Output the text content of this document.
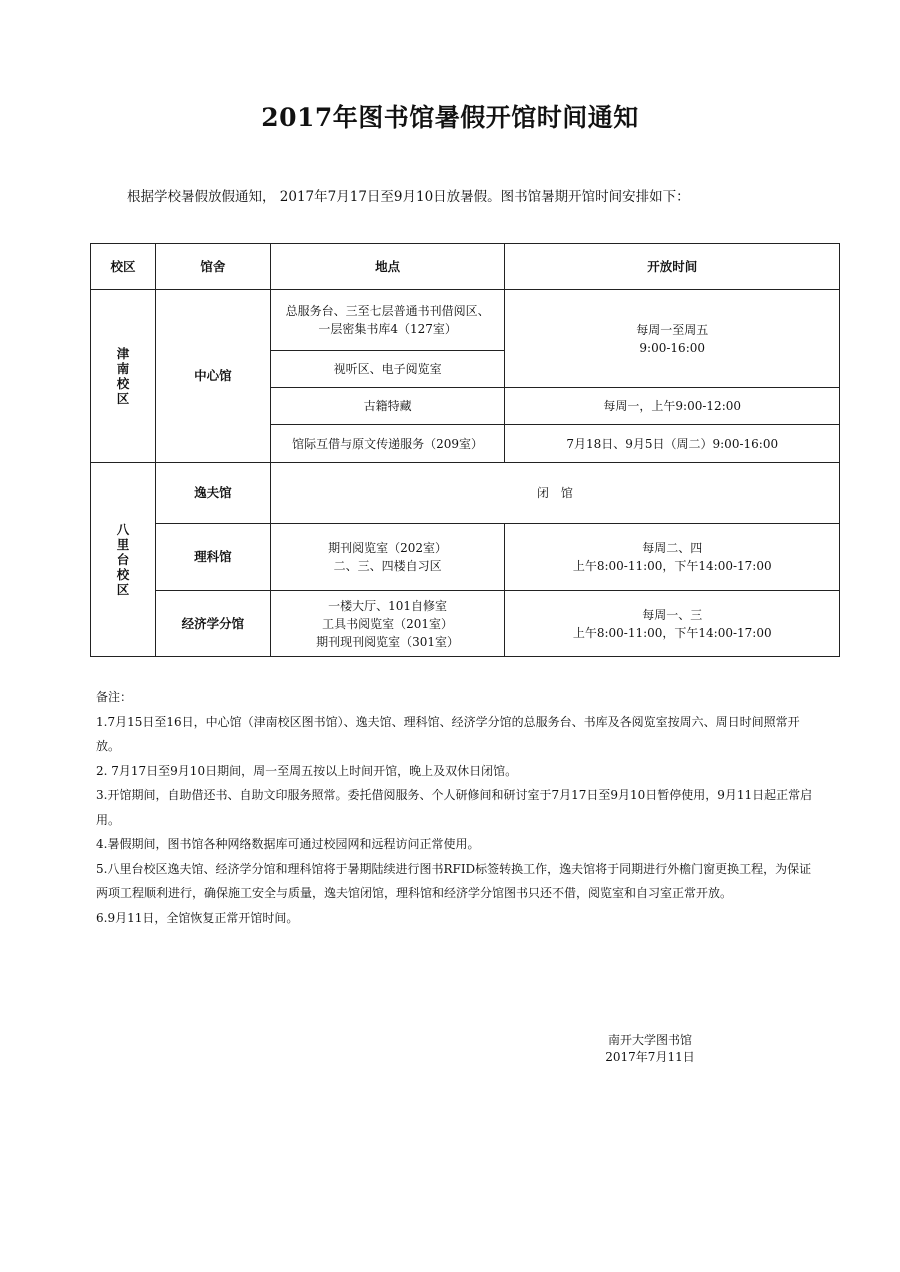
2017年图书馆暑假开馆时间通知
根据学校暑假放假通知， 2017年7月17日至9月10日放暑假。图书馆暑期开馆时间安排如下：
校区	馆舍	地点	开放时间

津
南
校
区	中心馆	总服务台、三至七层普通书刊借阅区、
一层密集书库4（127室）	每周一至周五
9:00-16:00

		视听区、电子阅览室	
		古籍特藏	每周一，上午9:00-12:00
		馆际互借与原文传递服务（209室）	7月18日、9月5日（周二）9:00-16:00

八
里
台
校
区	逸夫馆	闭　馆	
	理科馆	期刊阅览室（202室）
二、三、四楼自习区	每周二、四
上午8:00-11:00，下午14:00-17:00

	经济学分馆	一楼大厅、101自修室
工具书阅览室（201室）
期刊现刊阅览室（301室）	每周一、三
上午8:00-11:00，下午14:00-17:00
备注：
1.7月15日至16日，中心馆（津南校区图书馆）、逸夫馆、理科馆、经济学分馆的总服务台、书库及各阅览室按周六、周日时间照常开放。
2. 7月17日至9月10日期间，周一至周五按以上时间开馆，晚上及双休日闭馆。
3.开馆期间，自助借还书、自助文印服务照常。委托借阅服务、个人研修间和研讨室于7月17日至9月10日暂停使用，9月11日起正常启用。
4.暑假期间，图书馆各种网络数据库可通过校园网和远程访问正常使用。
5.八里台校区逸夫馆、经济学分馆和理科馆将于暑期陆续进行图书RFID标签转换工作，逸夫馆将于同期进行外檐门窗更换工程，为保证两项工程顺利进行，确保施工安全与质量，逸夫馆闭馆，理科馆和经济学分馆图书只还不借，阅览室和自习室正常开放。
6.9月11日，全馆恢复正常开馆时间。
南开大学图书馆
2017年7月11日
